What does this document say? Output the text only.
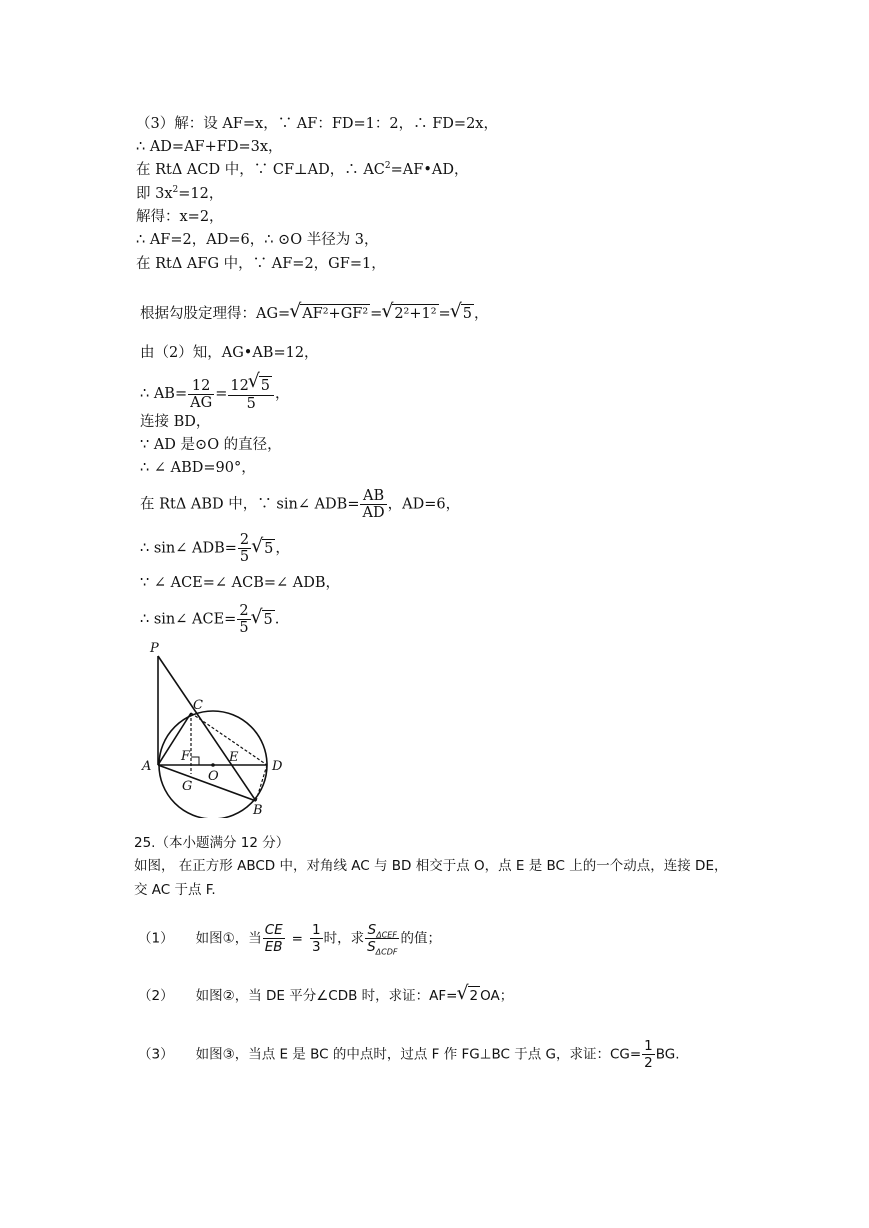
（3）解：设 AF=x，∵ AF：FD=1：2，∴ FD=2x，
∴ AD=AF+FD=3x，
在 RtΔ ACD 中，∵ CF⊥AD，∴ $AC^2=AF•AD$，
即 $3x^2=12$，
解得：x=2，
∴ AF=2，AD=6，∴ ⊙O 半径为 3，
在 RtΔ AFG 中，∵ AF=2，GF=1，
根据勾股定理得：AG= √ AF²+GF² = √ 2²+1² = √ 5 ，
由（2）知，AG•AB=12，
∴ $AB= \frac{12}{AG} = \frac{12 √ 5}{5}$ ，
连接 BD，
∵ AD 是⊙O 的直径，
∴ ∠ ABD=90°，
在 RtΔ ABD 中，∵ sin∠ $ADB= \frac{AB}{AD}$ ，AD=6，
∴ sin∠ $ADB= \frac{2}{5}$ √ 5 ，
∵ ∠ ACE=∠ ACB=∠ ADB，
∴ sin∠ $ACE= \frac{2}{5}$ √ 5 .
P
C
F	E
A
O
D
G
B
25.（本小题满分 12 分）
如图， 在正方形 ABCD 中，对角线 AC 与 BD 相交于点 O，点 E 是 BC 上的一个动点，连接 DE，
交 AC 于点 F.
（1） 如图①，当 $\frac{CE}{EB} = \frac{1}{3}$ 时，求 $\frac{S_{\Delta CEF}}{S_{\Delta CDF}}$ 的值；
（2） 如图②，当 DE 平分∠CDB 时，求证：AF= √ 2 OA；
（3） 如图③，当点 E 是 BC 的中点时，过点 F 作 FG⊥BC 于点 G，求证：$CG= \frac{1}{2}$ BG.
